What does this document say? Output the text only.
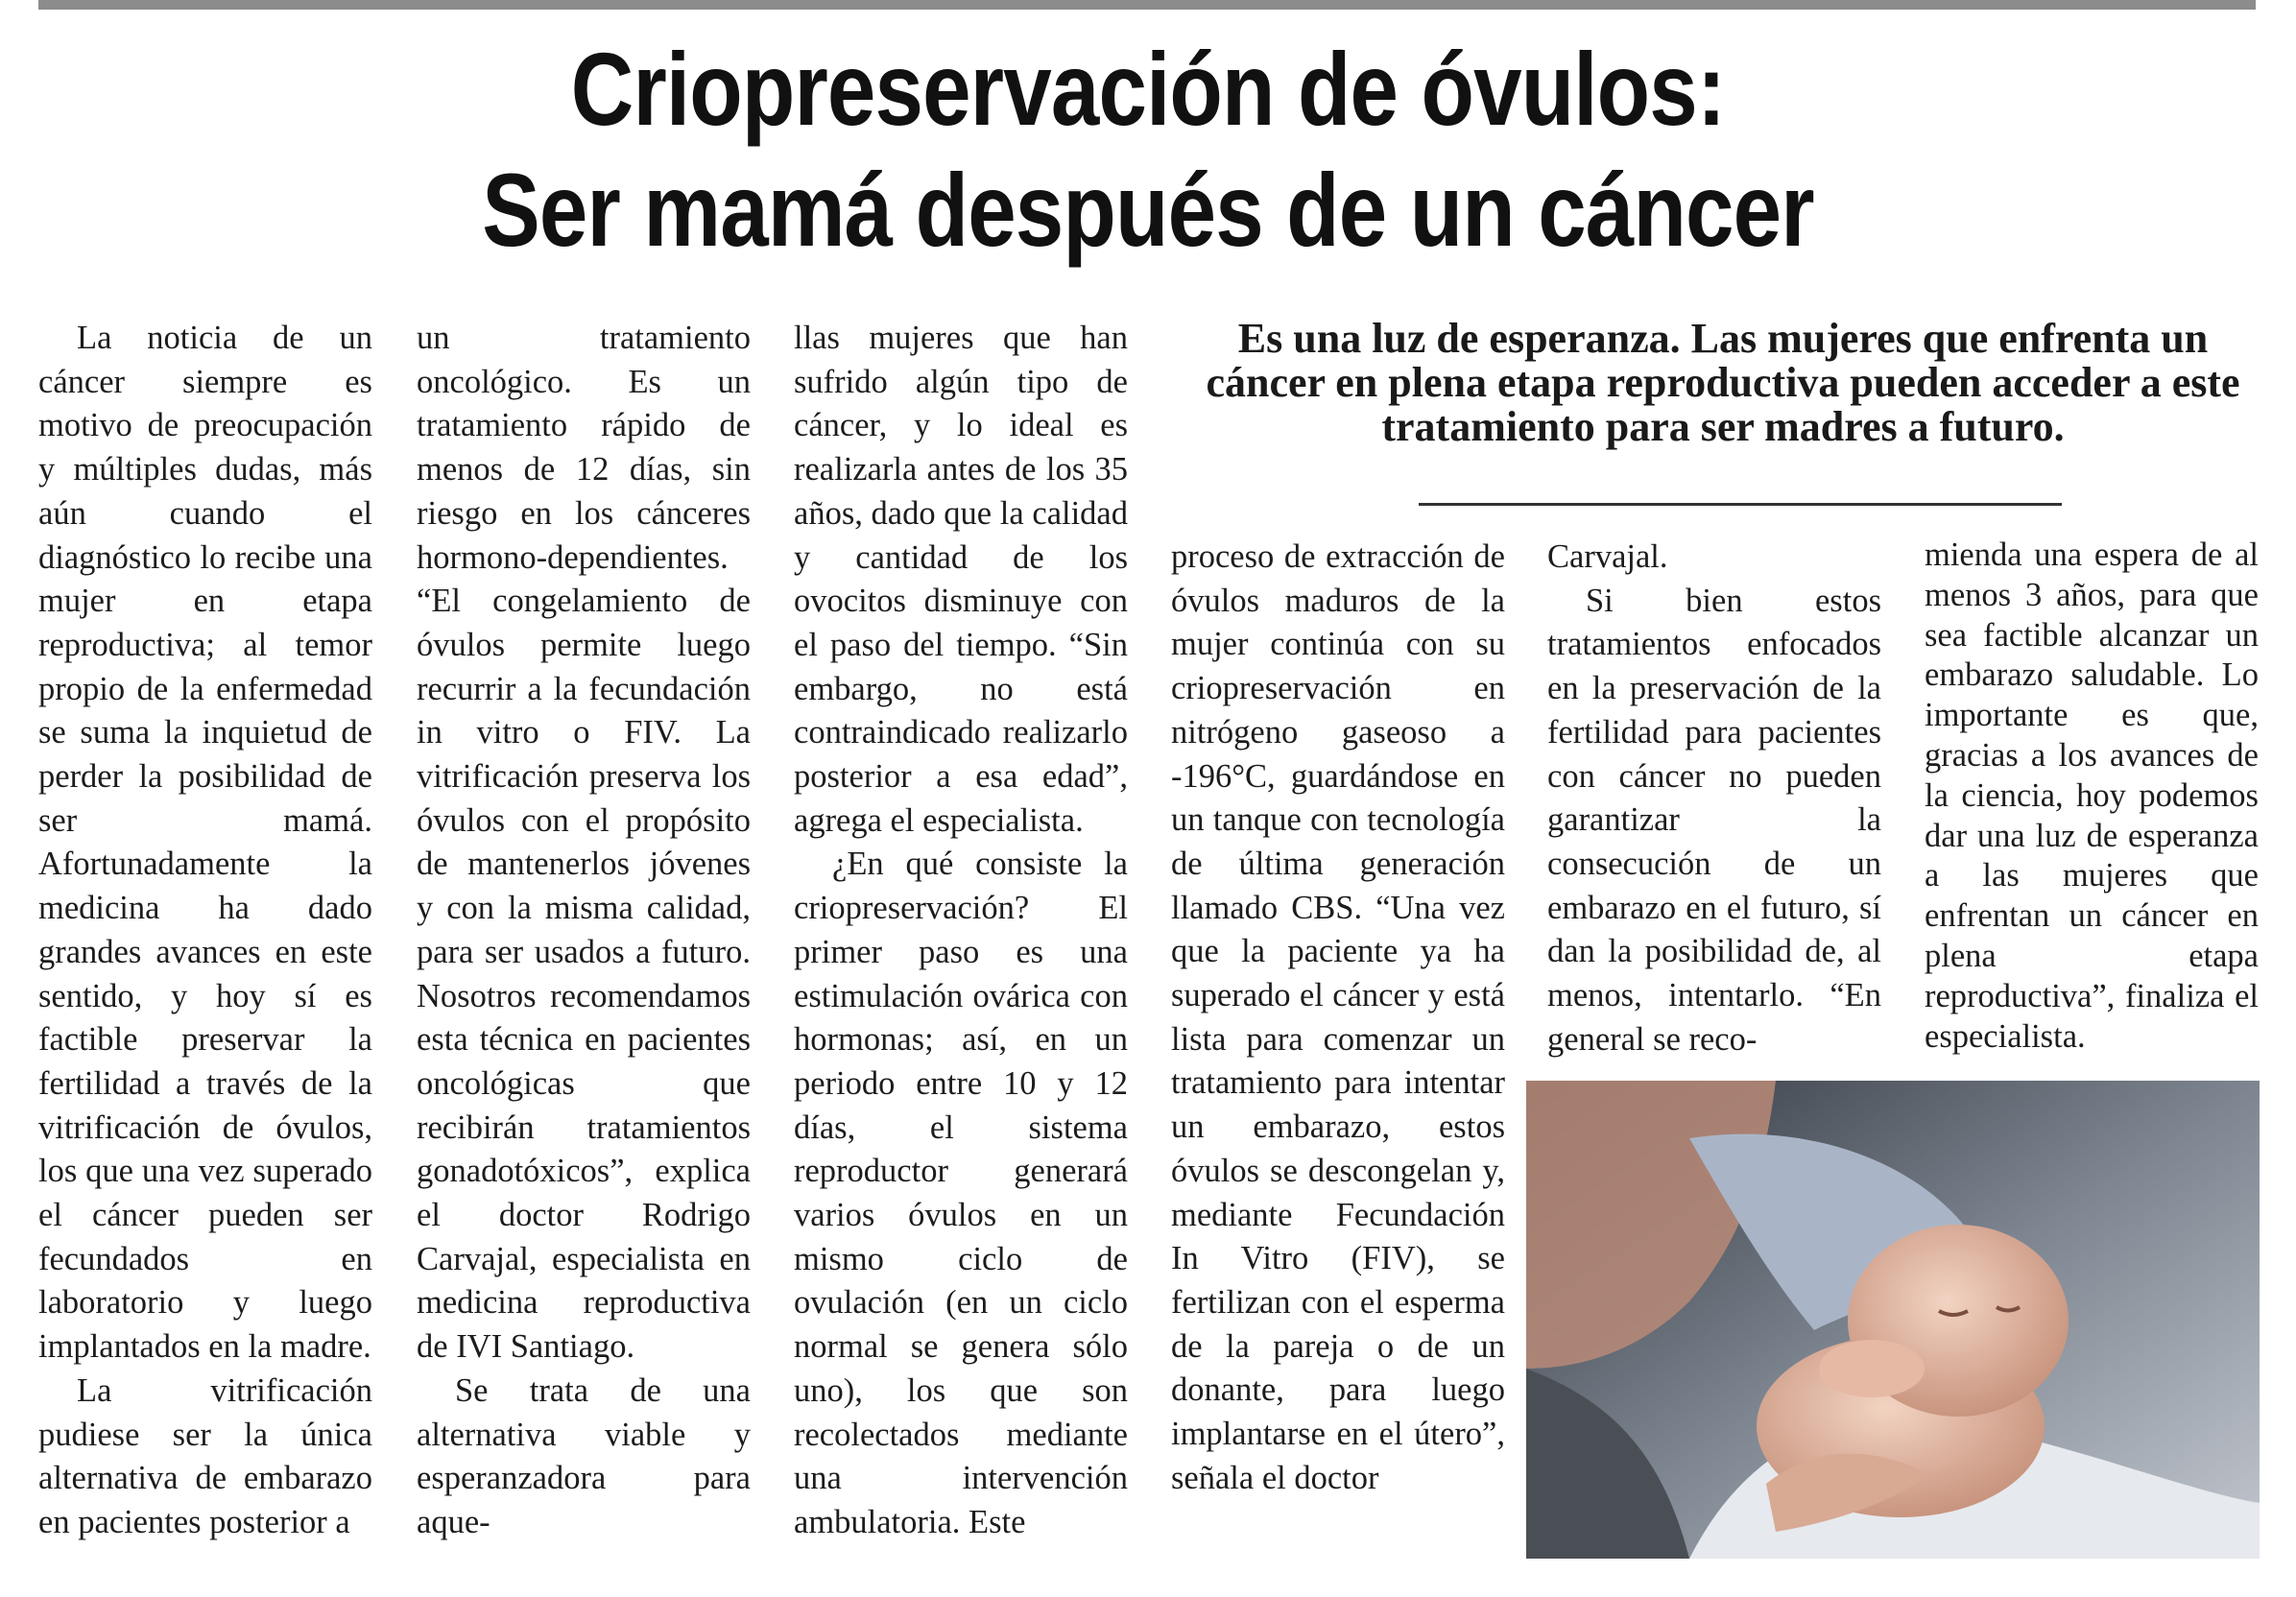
Criopreservación de óvulos:
Ser mamá después de un cáncer

La noticia de un cáncer siempre es motivo de preocupación y múltiples dudas, más aún cuando el diagnóstico lo recibe una mujer en etapa reproductiva; al temor propio de la enfermedad se suma la inquietud de perder la posibilidad de ser mamá. Afortunadamente la medicina ha dado grandes avances en este sentido, y hoy sí es factible preservar la fertilidad a través de la vitrificación de óvulos, los que una vez superado el cáncer pueden ser fecundados en laboratorio y luego implantados en la madre.

La vitrificación pudiese ser la única alternativa de embarazo en pacientes posterior a

un tratamiento oncológico. Es un tratamiento rápido de menos de 12 días, sin riesgo en los cánceres hormono-dependientes. “El congelamiento de óvulos permite luego recurrir a la fecundación in vitro o FIV. La vitrificación preserva los óvulos con el propósito de mantenerlos jóvenes y con la misma calidad, para ser usados a futuro. Nosotros recomendamos esta técnica en pacientes oncológicas que recibirán tratamientos gonadotóxicos”, explica el doctor Rodrigo Carvajal, especialista en medicina reproductiva de IVI Santiago.

Se trata de una alternativa viable y esperanzadora para aque-

llas mujeres que han sufrido algún tipo de cáncer, y lo ideal es realizarla antes de los 35 años, dado que la calidad y cantidad de los ovocitos disminuye con el paso del tiempo. “Sin embargo, no está contraindicado realizarlo posterior a esa edad”, agrega el especialista.

¿En qué consiste la criopreservación? El primer paso es una estimulación ovárica con hormonas; así, en un periodo entre 10 y 12 días, el sistema reproductor generará varios óvulos en un mismo ciclo de ovulación (en un ciclo normal se genera sólo uno), los que son recolectados mediante una intervención ambulatoria. Este

Es una luz de esperanza. Las mujeres que enfrenta un cáncer en plena etapa reproductiva pueden acceder a este tratamiento para ser madres a futuro.

proceso de extracción de óvulos maduros de la mujer continúa con su criopreservación en nitrógeno gaseoso a -196°C, guardándose en un tanque con tecnología de última generación llamado CBS. “Una vez que la paciente ya ha superado el cáncer y está lista para comenzar un tratamiento para intentar un embarazo, estos óvulos se descongelan y, mediante Fecundación In Vitro (FIV), se fertilizan con el esperma de la pareja o de un donante, para luego implantarse en el útero”, señala el doctor

Carvajal.

Si bien estos tratamientos enfocados en la preservación de la fertilidad para pacientes con cáncer no pueden garantizar la consecución de un embarazo en el futuro, sí dan la posibilidad de, al menos, intentarlo. “En general se reco-

mienda una espera de al menos 3 años, para que sea factible alcanzar un embarazo saludable. Lo importante es que, gracias a los avances de la ciencia, hoy podemos dar una luz de esperanza a las mujeres que enfrentan un cáncer en plena etapa reproductiva”, finaliza el especialista.
